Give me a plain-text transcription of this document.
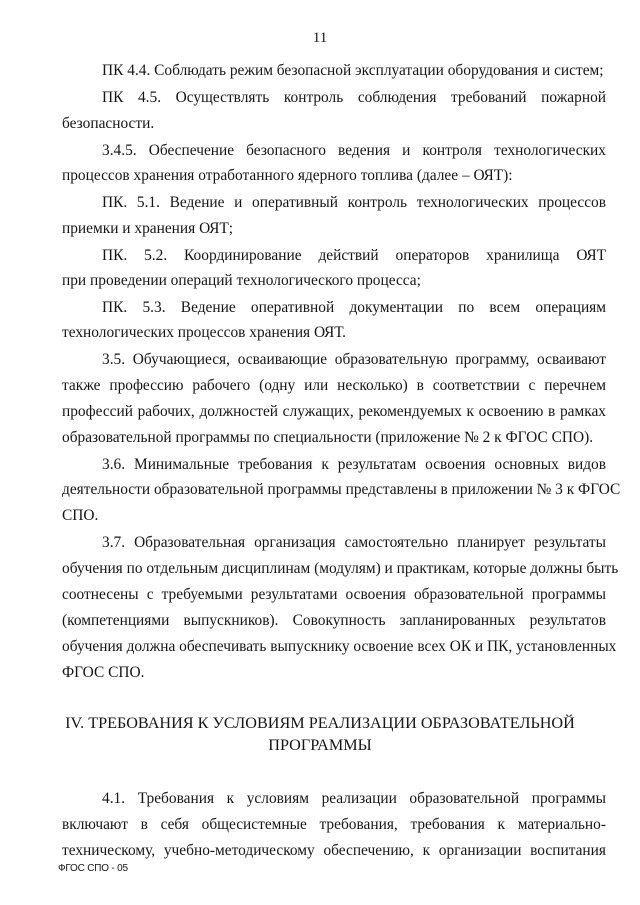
11
ПК 4.4. Соблюдать режим безопасной эксплуатации оборудования и систем;
ПК 4.5. Осуществлять контроль соблюдения требований пожарной
безопасности.
3.4.5. Обеспечение безопасного ведения и контроля технологических
процессов хранения отработанного ядерного топлива (далее – ОЯТ):
ПК. 5.1. Ведение и оперативный контроль технологических процессов
приемки и хранения ОЯТ;
ПК. 5.2. Координирование действий операторов хранилища ОЯТ
при проведении операций технологического процесса;
ПК. 5.3. Ведение оперативной документации по всем операциям
технологических процессов хранения ОЯТ.
3.5. Обучающиеся, осваивающие образовательную программу, осваивают
также профессию рабочего (одну или несколько) в соответствии с перечнем
профессий рабочих, должностей служащих, рекомендуемых к освоению в рамках
образовательной программы по специальности (приложение № 2 к ФГОС СПО).
3.6. Минимальные требования к результатам освоения основных видов
деятельности образовательной программы представлены в приложении № 3 к ФГОС
СПО.
3.7. Образовательная организация самостоятельно планирует результаты
обучения по отдельным дисциплинам (модулям) и практикам, которые должны быть
соотнесены с требуемыми результатами освоения образовательной программы
(компетенциями выпускников). Совокупность запланированных результатов
обучения должна обеспечивать выпускнику освоение всех ОК и ПК, установленных
ФГОС СПО.
IV. ТРЕБОВАНИЯ К УСЛОВИЯМ РЕАЛИЗАЦИИ ОБРАЗОВАТЕЛЬНОЙ
ПРОГРАММЫ
4.1. Требования к условиям реализации образовательной программы
включают в себя общесистемные требования, требования к материально-
техническому, учебно-методическому обеспечению, к организации воспитания
ФГОС СПО - 05
